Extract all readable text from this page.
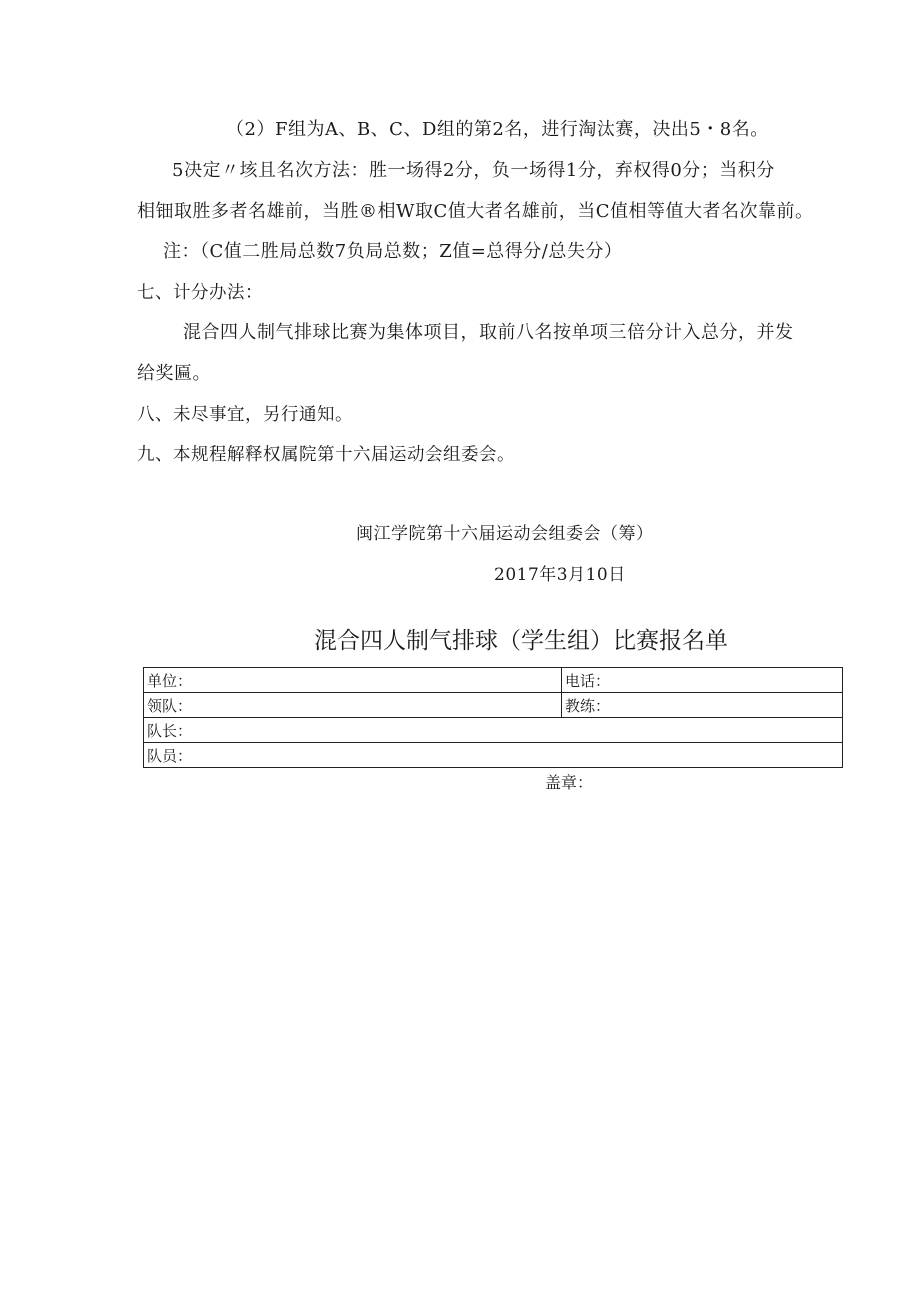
（2）F组为A、B、C、D组的第2名，进行淘汰赛，决出5・8名。
5决定〃垓且名次方法：胜一场得2分，负一场得1分，弃权得0分；当积分
相钿取胜多者名雄前，当胜®相W取C值大者名雄前，当C值相等值大者名次靠前。
注：（C值二胜局总数7负局总数；Z值=总得分/总失分）
七、计分办法：
混合四人制气排球比赛为集体项目，取前八名按单项三倍分计入总分，并发
给奖匾。
八、未尽事宜，另行通知。
九、本规程解释权属院第十六届运动会组委会。
闽江学院第十六届运动会组委会（筹）
2017年3月10日
混合四人制气排球（学生组）比赛报名单
单位：	电话：
领队：	教练：
队长：	
队员：	
盖章：
